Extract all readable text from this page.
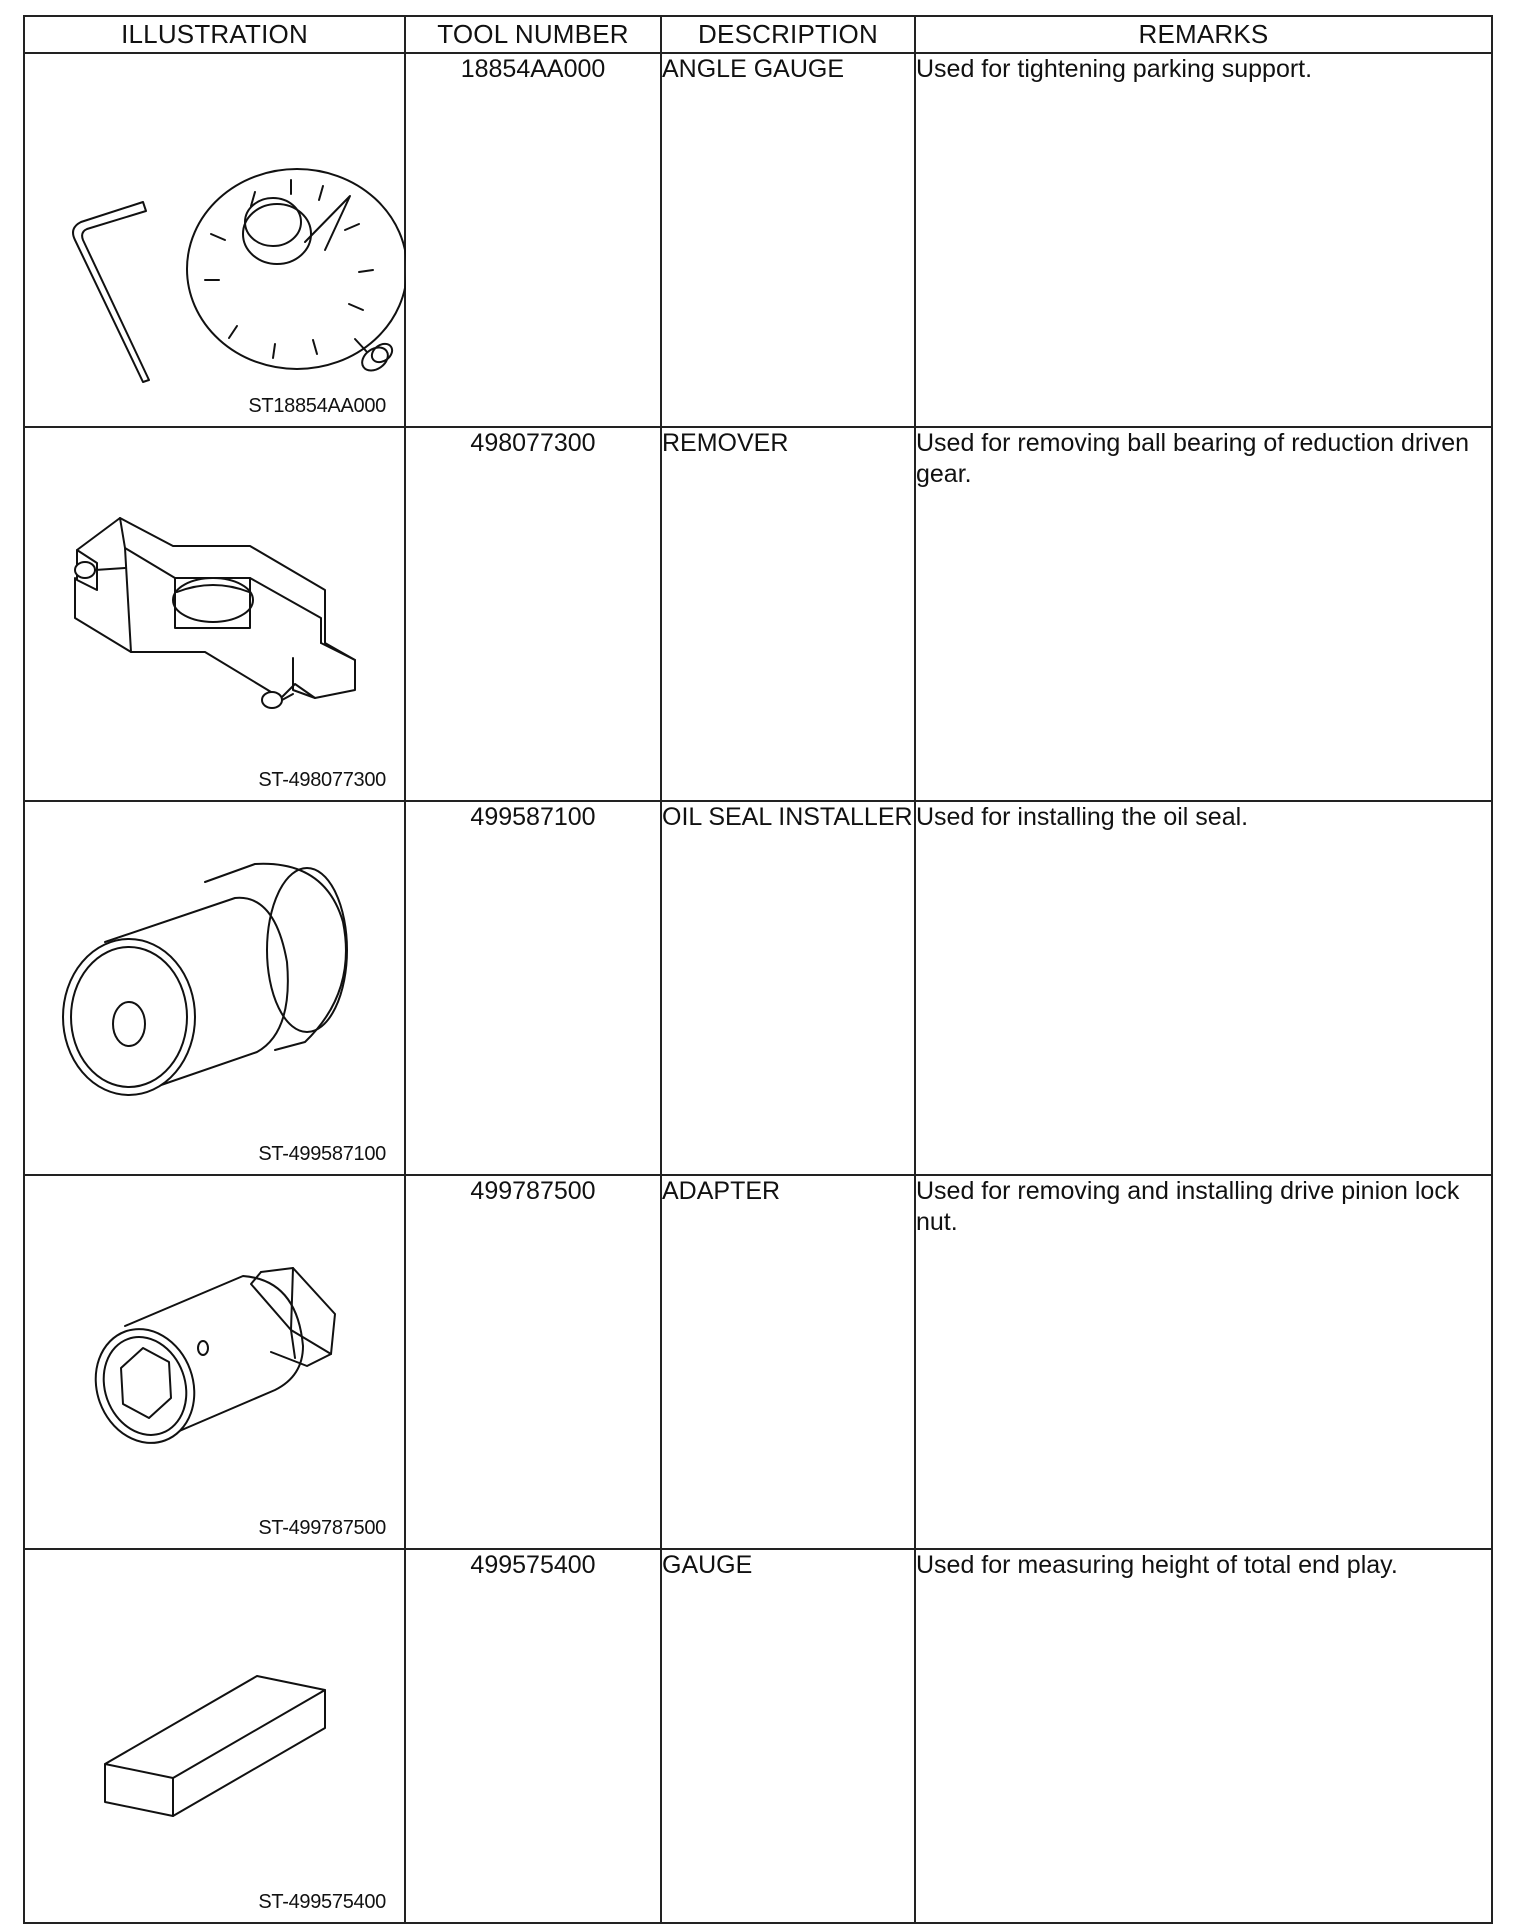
ILLUSTRATION	TOOL NUMBER	DESCRIPTION	REMARKS

ST18854AA000	18854AA000	ANGLE GAUGE	Used for tightening parking support.

ST-498077300	498077300	REMOVER	Used for removing ball bearing of reduction driven gear.

ST-499587100	499587100	OIL SEAL INSTALLER	Used for installing the oil seal.

ST-499787500	499787500	ADAPTER	Used for removing and installing drive pinion lock nut.

ST-499575400	499575400	GAUGE	Used for measuring height of total end play.
